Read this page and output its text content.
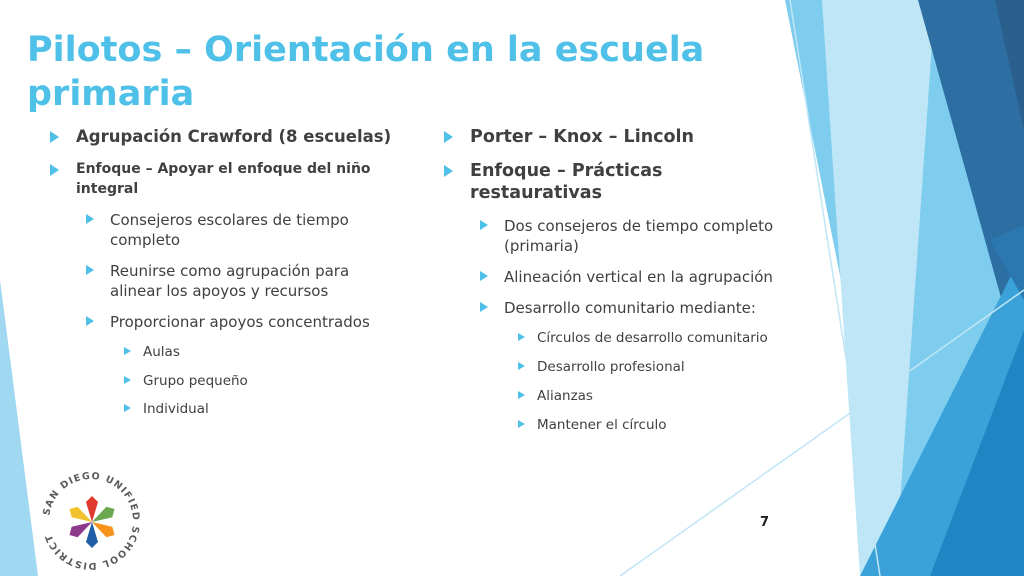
Pilotos – Orientación en la escuela primaria
Agrupación Crawford (8 escuelas)
Enfoque – Apoyar el enfoque del niño integral
Consejeros escolares de tiempo completo
Reunirse como agrupación para alinear los apoyos y recursos
Proporcionar apoyos concentrados
Aulas
Grupo pequeño
Individual
Porter – Knox – Lincoln
Enfoque – Prácticas restaurativas
Dos consejeros de tiempo completo (primaria)
Alineación vertical en la agrupación
Desarrollo comunitario mediante:
Círculos de desarrollo comunitario
Desarrollo profesional
Alianzas
Mantener el círculo
SAN DIEGO UNIFIED SCHOOL DISTRICT
7
